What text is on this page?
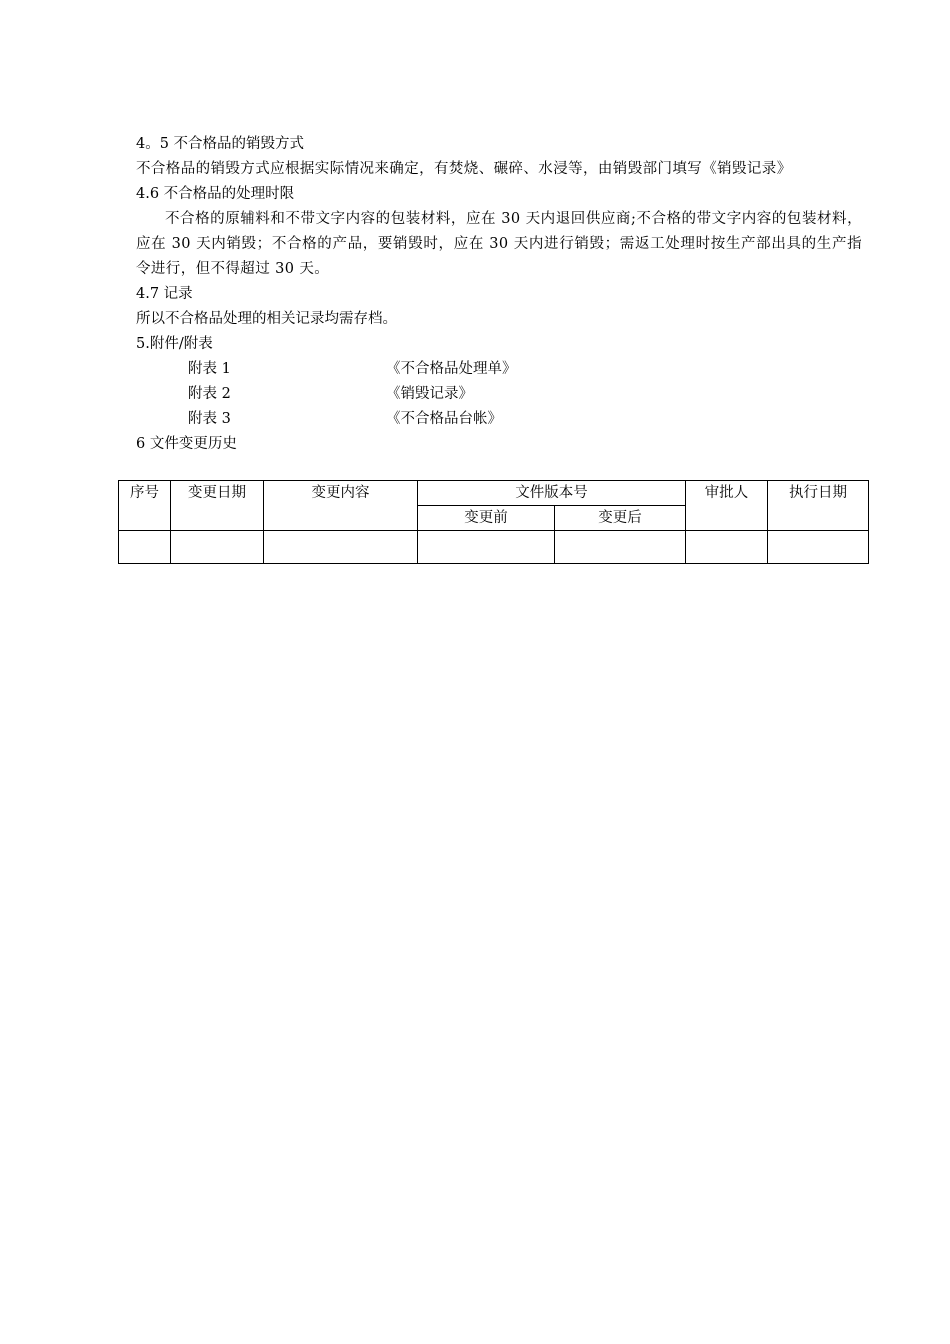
4。5 不合格品的销毁方式
不合格品的销毁方式应根据实际情况来确定，有焚烧、碾碎、水浸等，由销毁部门填写《销毁记录》
4.6 不合格品的处理时限
不合格的原辅料和不带文字内容的包装材料，应在 30 天内退回供应商;不合格的带文字内容的包装材料，应在 30 天内销毁；不合格的产品，要销毁时，应在 30 天内进行销毁；需返工处理时按生产部出具的生产指令进行，但不得超过 30 天。
4.7 记录
所以不合格品处理的相关记录均需存档。
5.附件/附表
附表 1	《不合格品处理单》
附表 2	《销毁记录》
附表 3	《不合格品台帐》
6 文件变更历史
序号	变更日期	变更内容	文件版本号		审批人	执行日期
			变更前	变更后		
